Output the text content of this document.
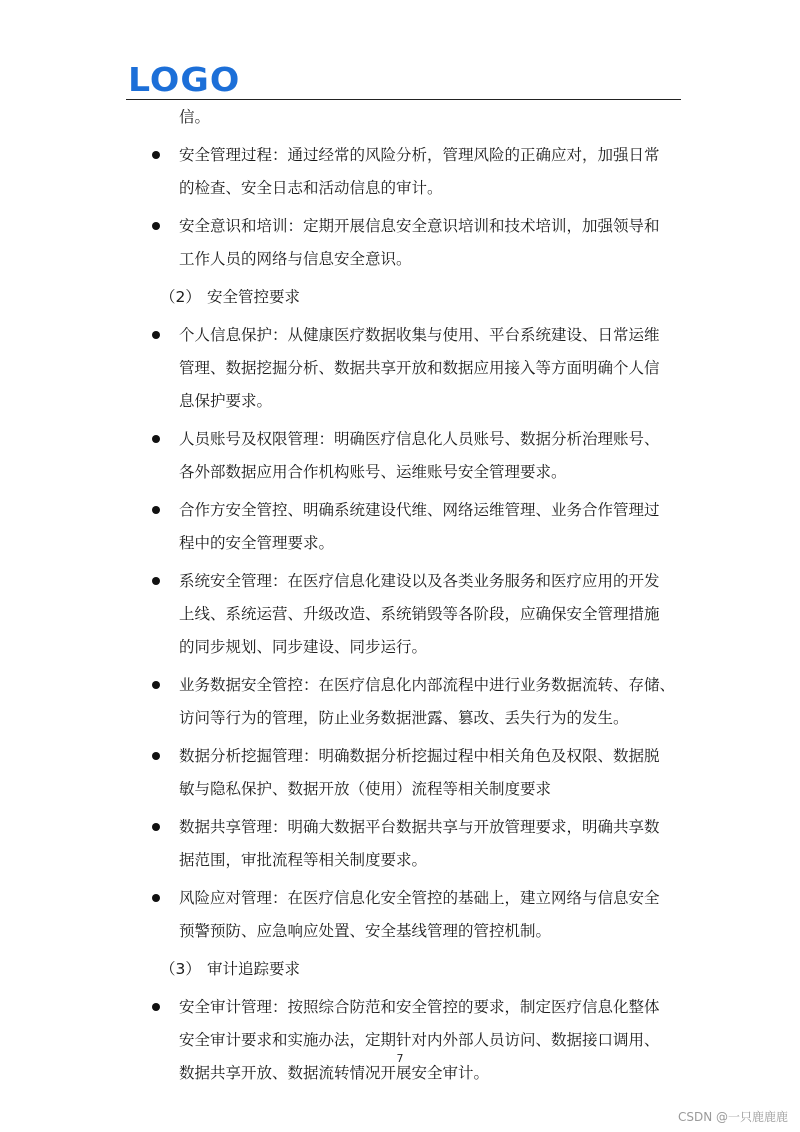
LOGO
信。
安全管理过程：通过经常的风险分析，管理风险的正确应对，加强日常
的检查、安全日志和活动信息的审计。
安全意识和培训：定期开展信息安全意识培训和技术培训，加强领导和
工作人员的网络与信息安全意识。
（2） 安全管控要求
个人信息保护：从健康医疗数据收集与使用、平台系统建设、日常运维
管理、数据挖掘分析、数据共享开放和数据应用接入等方面明确个人信
息保护要求。
人员账号及权限管理：明确医疗信息化人员账号、数据分析治理账号、
各外部数据应用合作机构账号、运维账号安全管理要求。
合作方安全管控、明确系统建设代维、网络运维管理、业务合作管理过
程中的安全管理要求。
系统安全管理：在医疗信息化建设以及各类业务服务和医疗应用的开发
上线、系统运营、升级改造、系统销毁等各阶段，应确保安全管理措施
的同步规划、同步建设、同步运行。
业务数据安全管控：在医疗信息化内部流程中进行业务数据流转、存储、
访问等行为的管理，防止业务数据泄露、篡改、丢失行为的发生。
数据分析挖掘管理：明确数据分析挖掘过程中相关角色及权限、数据脱
敏与隐私保护、数据开放（使用）流程等相关制度要求
数据共享管理：明确大数据平台数据共享与开放管理要求，明确共享数
据范围，审批流程等相关制度要求。
风险应对管理：在医疗信息化安全管控的基础上，建立网络与信息安全
预警预防、应急响应处置、安全基线管理的管控机制。
（3） 审计追踪要求
安全审计管理：按照综合防范和安全管控的要求，制定医疗信息化整体
安全审计要求和实施办法，定期针对内外部人员访问、数据接口调用、
数据共享开放、数据流转情况开展安全审计。
7
CSDN @一只鹿鹿鹿
